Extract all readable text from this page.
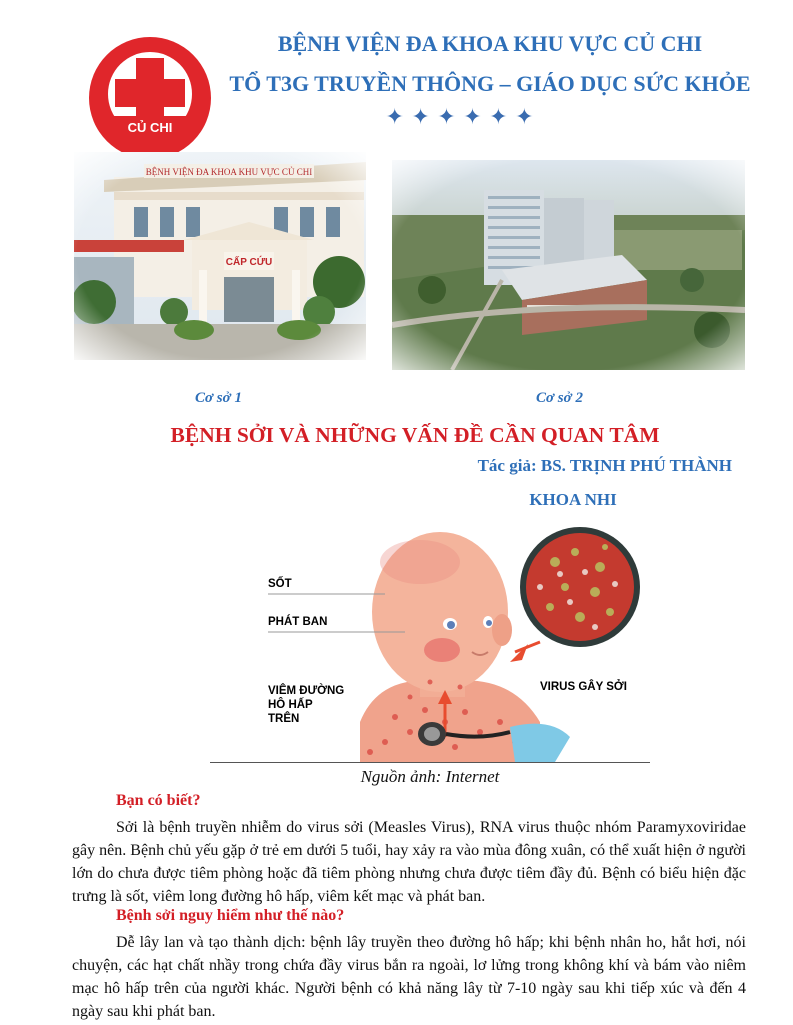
CỦ CHI
BỆNH VIỆN ĐA KHOA KHU VỰC CỦ CHI
TỔ T3G TRUYỀN THÔNG – GIÁO DỤC SỨC KHỎE
✦ ✦ ✦ ✦ ✦ ✦
Cơ sở 1	Cơ sở 2
BỆNH SỞI VÀ NHỮNG VẤN ĐỀ CẦN QUAN TÂM
Tác giả: BS. TRỊNH PHÚ THÀNH
KHOA NHI
SỐT
PHÁT BAN
VIÊM ĐƯỜNG
HÔ HẤP
TRÊN
VIRUS GÂY SỞI
Nguồn ảnh: Internet
Bạn có biết?
Sởi là bệnh truyền nhiễm do virus sởi (Measles Virus), RNA virus thuộc nhóm Paramyxoviridae gây nên. Bệnh chủ yếu gặp ở trẻ em dưới 5 tuổi, hay xảy ra vào mùa đông xuân, có thể xuất hiện ở người lớn do chưa được tiêm phòng hoặc đã tiêm phòng nhưng chưa được tiêm đầy đủ. Bệnh có biểu hiện đặc trưng là sốt, viêm long đường hô hấp, viêm kết mạc và phát ban.
Bệnh sởi nguy hiểm như thế nào?
Dễ lây lan và tạo thành dịch: bệnh lây truyền theo đường hô hấp; khi bệnh nhân ho, hắt hơi, nói chuyện, các hạt chất nhầy trong chứa đầy virus bắn ra ngoài, lơ lửng trong không khí và bám vào niêm mạc hô hấp trên của người khác. Người bệnh có khả năng lây từ 7-10 ngày sau khi tiếp xúc và đến 4 ngày sau khi phát ban.
